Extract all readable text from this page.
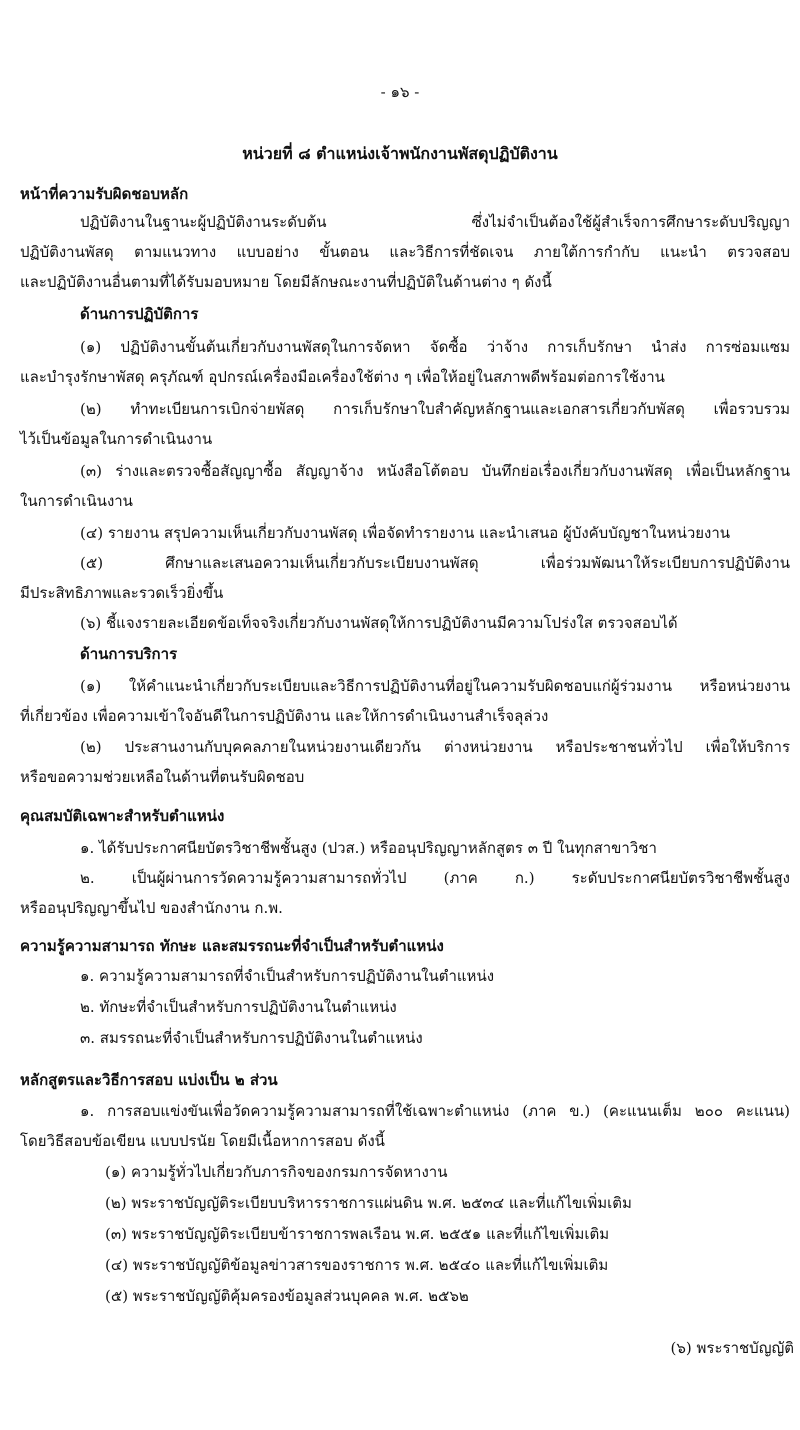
- ๑๖ -
หน่วยที่ ๘ ตำแหน่งเจ้าพนักงานพัสดุปฏิบัติงาน
หน้าที่ความรับผิดชอบหลัก
ปฏิบัติงานในฐานะผู้ปฏิบัติงานระดับต้น ซึ่งไม่จำเป็นต้องใช้ผู้สำเร็จการศึกษาระดับปริญญา
ปฏิบัติงานพัสดุ ตามแนวทาง แบบอย่าง ขั้นตอน และวิธีการที่ชัดเจน ภายใต้การกำกับ แนะนำ ตรวจสอบ
และปฏิบัติงานอื่นตามที่ได้รับมอบหมาย โดยมีลักษณะงานที่ปฏิบัติในด้านต่าง ๆ ดังนี้
ด้านการปฏิบัติการ
(๑) ปฏิบัติงานขั้นต้นเกี่ยวกับงานพัสดุในการจัดหา จัดซื้อ ว่าจ้าง การเก็บรักษา นำส่ง การซ่อมแซม
และบำรุงรักษาพัสดุ ครุภัณฑ์ อุปกรณ์เครื่องมือเครื่องใช้ต่าง ๆ เพื่อให้อยู่ในสภาพดีพร้อมต่อการใช้งาน
(๒) ทำทะเบียนการเบิกจ่ายพัสดุ การเก็บรักษาใบสำคัญหลักฐานและเอกสารเกี่ยวกับพัสดุ เพื่อรวบรวม
ไว้เป็นข้อมูลในการดำเนินงาน
(๓) ร่างและตรวจซื้อสัญญาซื้อ สัญญาจ้าง หนังสือโต้ตอบ บันทึกย่อเรื่องเกี่ยวกับงานพัสดุ เพื่อเป็นหลักฐาน
ในการดำเนินงาน
(๔) รายงาน สรุปความเห็นเกี่ยวกับงานพัสดุ เพื่อจัดทำรายงาน และนำเสนอ ผู้บังคับบัญชาในหน่วยงาน
(๕) ศึกษาและเสนอความเห็นเกี่ยวกับระเบียบงานพัสดุ เพื่อร่วมพัฒนาให้ระเบียบการปฏิบัติงาน
มีประสิทธิภาพและรวดเร็วยิ่งขึ้น
(๖) ชี้แจงรายละเอียดข้อเท็จจริงเกี่ยวกับงานพัสดุให้การปฏิบัติงานมีความโปร่งใส ตรวจสอบได้
ด้านการบริการ
(๑) ให้คำแนะนำเกี่ยวกับระเบียบและวิธีการปฏิบัติงานที่อยู่ในความรับผิดชอบแก่ผู้ร่วมงาน หรือหน่วยงาน
ที่เกี่ยวข้อง เพื่อความเข้าใจอันดีในการปฏิบัติงาน และให้การดำเนินงานสำเร็จลุล่วง
(๒) ประสานงานกับบุคคลภายในหน่วยงานเดียวกัน ต่างหน่วยงาน หรือประชาชนทั่วไป เพื่อให้บริการ
หรือขอความช่วยเหลือในด้านที่ตนรับผิดชอบ
คุณสมบัติเฉพาะสำหรับตำแหน่ง
๑. ได้รับประกาศนียบัตรวิชาชีพชั้นสูง (ปวส.) หรืออนุปริญญาหลักสูตร ๓ ปี ในทุกสาขาวิชา
๒. เป็นผู้ผ่านการวัดความรู้ความสามารถทั่วไป (ภาค ก.) ระดับประกาศนียบัตรวิชาชีพชั้นสูง
หรืออนุปริญญาขึ้นไป ของสำนักงาน ก.พ.
ความรู้ความสามารถ ทักษะ และสมรรถนะที่จำเป็นสำหรับตำแหน่ง
๑. ความรู้ความสามารถที่จำเป็นสำหรับการปฏิบัติงานในตำแหน่ง
๒. ทักษะที่จำเป็นสำหรับการปฏิบัติงานในตำแหน่ง
๓. สมรรถนะที่จำเป็นสำหรับการปฏิบัติงานในตำแหน่ง
หลักสูตรและวิธีการสอบ แบ่งเป็น ๒ ส่วน
๑. การสอบแข่งขันเพื่อวัดความรู้ความสามารถที่ใช้เฉพาะตำแหน่ง (ภาค ข.) (คะแนนเต็ม ๒๐๐ คะแนน)
โดยวิธีสอบข้อเขียน แบบปรนัย โดยมีเนื้อหาการสอบ ดังนี้
(๑) ความรู้ทั่วไปเกี่ยวกับภารกิจของกรมการจัดหางาน
(๒) พระราชบัญญัติระเบียบบริหารราชการแผ่นดิน พ.ศ. ๒๕๓๔ และที่แก้ไขเพิ่มเติม
(๓) พระราชบัญญัติระเบียบข้าราชการพลเรือน พ.ศ. ๒๕๕๑ และที่แก้ไขเพิ่มเติม
(๔) พระราชบัญญัติข้อมูลข่าวสารของราชการ พ.ศ. ๒๕๔๐ และที่แก้ไขเพิ่มเติม
(๕) พระราชบัญญัติคุ้มครองข้อมูลส่วนบุคคล พ.ศ. ๒๕๖๒
(๖) พระราชบัญญัติ
